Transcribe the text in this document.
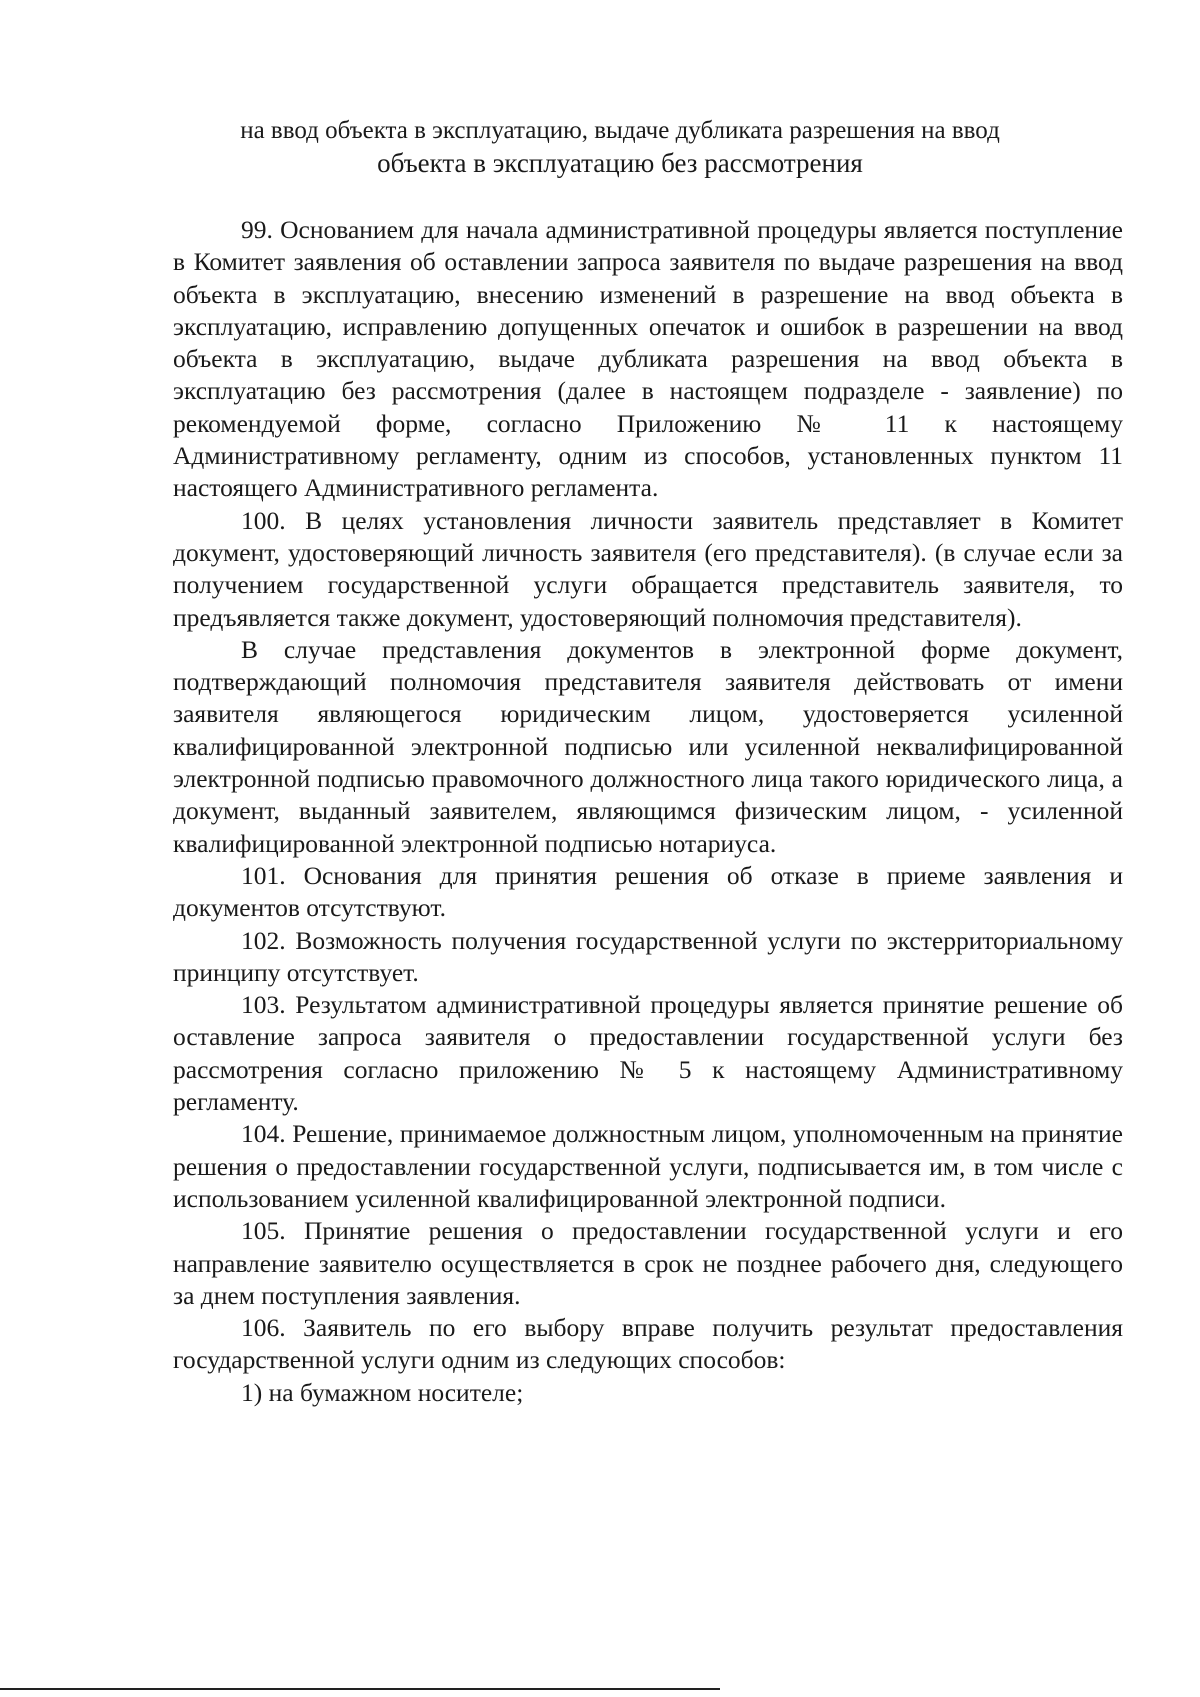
на ввод объекта в эксплуатацию, выдаче дубликата разрешения на ввод
объекта в эксплуатацию без рассмотрения

99. Основанием для начала административной процедуры является поступление в Комитет заявления об оставлении запроса заявителя по выдаче разрешения на ввод объекта в эксплуатацию, внесению изменений в разрешение на ввод объекта в эксплуатацию, исправлению допущенных опечаток и ошибок в разрешении на ввод объекта в эксплуатацию, выдаче дубликата разрешения на ввод объекта в эксплуатацию без рассмотрения (далее в настоящем подразделе - заявление) по рекомендуемой форме, согласно Приложению № 11 к настоящему Административному регламенту, одним из способов, установленных пунктом 11 настоящего Административного регламента.

100. В целях установления личности заявитель представляет в Комитет документ, удостоверяющий личность заявителя (его представителя). (в случае если за получением государственной услуги обращается представитель заявителя, то предъявляется также документ, удостоверяющий полномочия представителя).

В случае представления документов в электронной форме документ, подтверждающий полномочия представителя заявителя действовать от имени заявителя являющегося юридическим лицом, удостоверяется усиленной квалифицированной электронной подписью или усиленной неквалифицированной электронной подписью правомочного должностного лица такого юридического лица, а документ, выданный заявителем, являющимся физическим лицом, - усиленной квалифицированной электронной подписью нотариуса.

101. Основания для принятия решения об отказе в приеме заявления и документов отсутствуют.

102. Возможность получения государственной услуги по экстерриториальному принципу отсутствует.

103. Результатом административной процедуры является принятие решение об оставление запроса заявителя о предоставлении государственной услуги без рассмотрения согласно приложению № 5 к настоящему Административному регламенту.

104. Решение, принимаемое должностным лицом, уполномоченным на принятие решения о предоставлении государственной услуги, подписывается им, в том числе с использованием усиленной квалифицированной электронной подписи.

105. Принятие решения о предоставлении государственной услуги и его направление заявителю осуществляется в срок не позднее рабочего дня, следующего за днем поступления заявления.

106. Заявитель по его выбору вправе получить результат предоставления государственной услуги одним из следующих способов:

1) на бумажном носителе;
